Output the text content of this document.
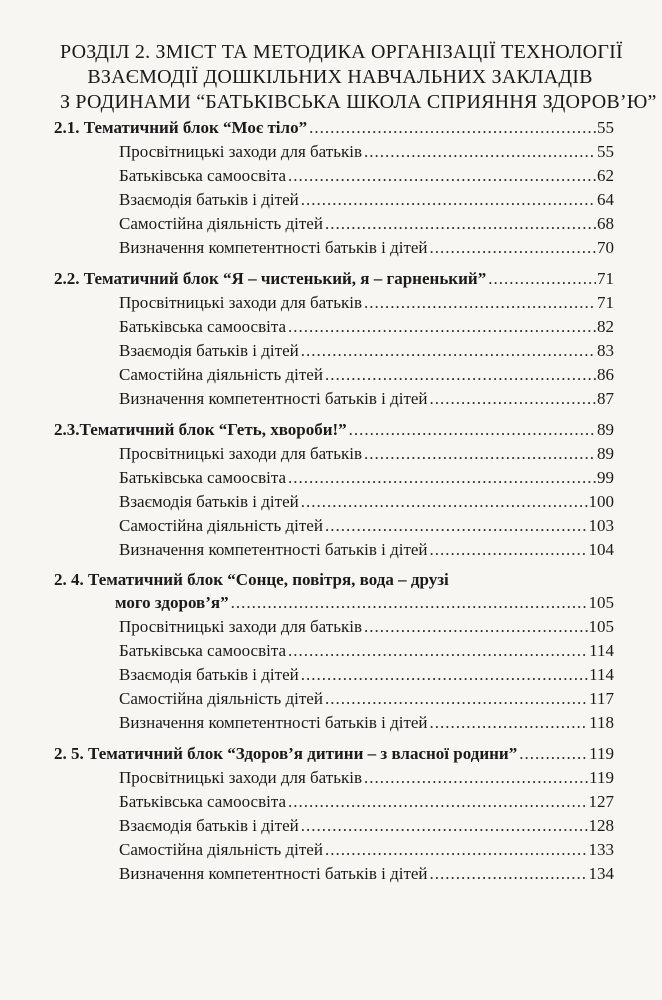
РОЗДІЛ 2. ЗМІСТ ТА МЕТОДИКА ОРГАНІЗАЦІЇ ТЕХНОЛОГІЇ
ВЗАЄМОДІЇ ДОШКІЛЬНИХ НАВЧАЛЬНИХ ЗАКЛАДІВ
З РОДИНАМИ “БАТЬКІВСЬКА ШКОЛА СПРИЯННЯ ЗДОРОВ’Ю”
2.1. Тематичний блок “Моє тіло” .....	55
Просвітницькі заходи для батьків .....	55
Батьківська самоосвіта .....	62
Взаємодія батьків і дітей .....	64
Самостійна діяльність дітей .....	68
Визначення компетентності батьків і дітей .....	70
2.2. Тематичний блок “Я – чистенький, я – гарненький” .....	71
Просвітницькі заходи для батьків .....	71
Батьківська самоосвіта .....	82
Взаємодія батьків і дітей .....	83
Самостійна діяльність дітей .....	86
Визначення компетентності батьків і дітей .....	87
2.3.Тематичний блок “Геть, хвороби!” .....	89
Просвітницькі заходи для батьків .....	89
Батьківська самоосвіта .....	99
Взаємодія батьків і дітей .....	100
Самостійна діяльність дітей .....	103
Визначення компетентності батьків і дітей .....	104
2. 4. Тематичний блок “Сонце, повітря, вода – друзі
мого здоров’я” .....	105
Просвітницькі заходи для батьків .....	105
Батьківська самоосвіта .....	114
Взаємодія батьків і дітей .....	114
Самостійна діяльність дітей .....	117
Визначення компетентності батьків і дітей .....	118
2. 5. Тематичний блок “Здоров’я дитини – з власної родини” .....	119
Просвітницькі заходи для батьків .....	119
Батьківська самоосвіта .....	127
Взаємодія батьків і дітей .....	128
Самостійна діяльність дітей .....	133
Визначення компетентності батьків і дітей .....	134
